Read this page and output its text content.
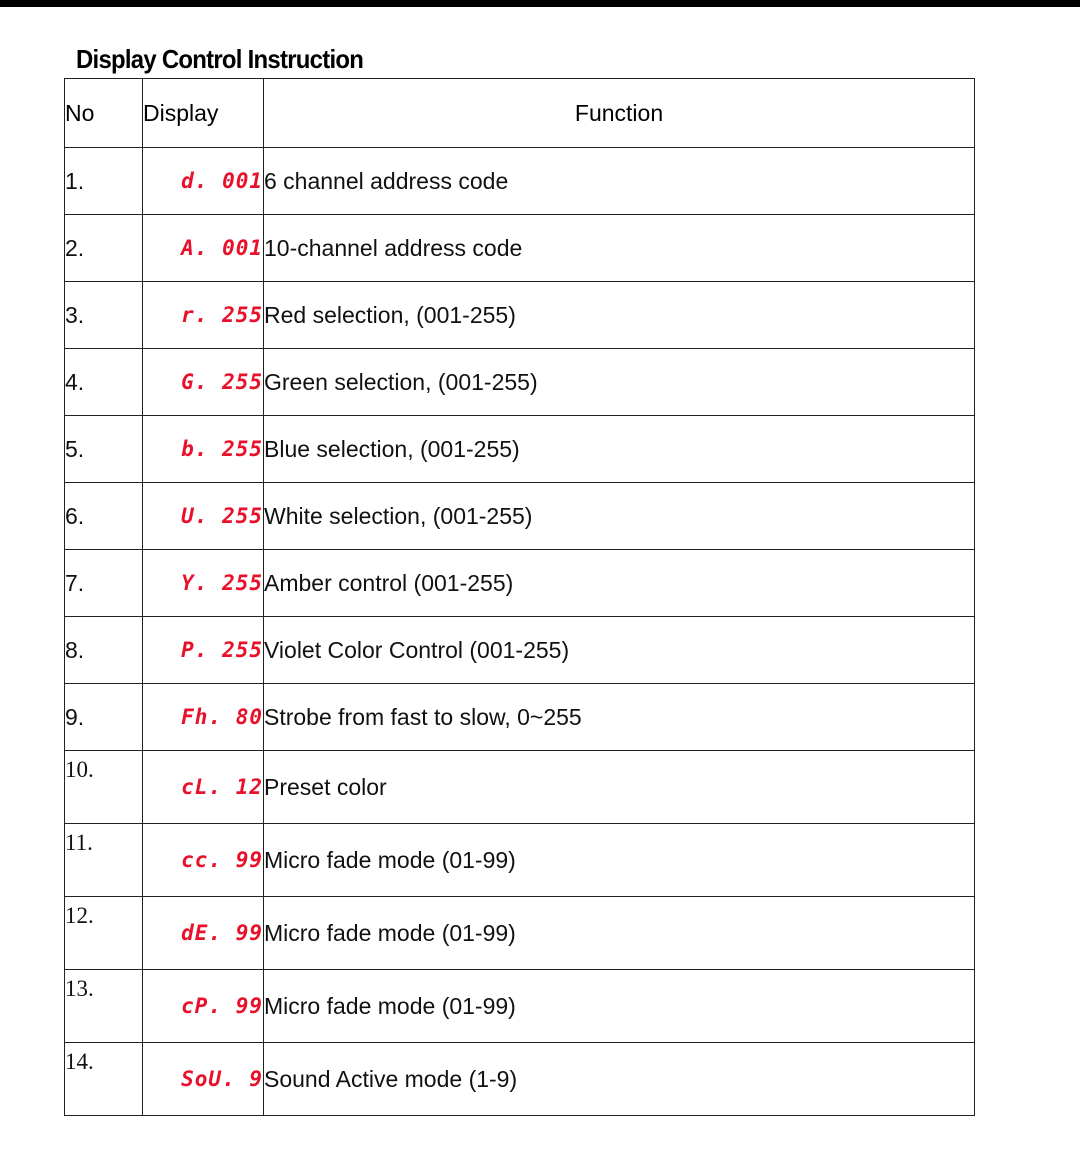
Display Control Instruction
No	Display	Function
1.	d. 001	6 channel address code
2.	A. 001	10-channel address code
3.	r. 255	Red selection, (001-255)
4.	G. 255	Green selection, (001-255)
5.	b. 255	Blue selection, (001-255)
6.	U. 255	White selection, (001-255)
7.	Y. 255	Amber control (001-255)
8.	P. 255	Violet Color Control (001-255)
9.	Fh. 80	Strobe from fast to slow, 0~255
10.	cL. 12	Preset color
11.	cc. 99	Micro fade mode (01-99)
12.	dE. 99	Micro fade mode (01-99)
13.	cP. 99	Micro fade mode (01-99)
14.	SoU. 9	Sound Active mode (1-9)
